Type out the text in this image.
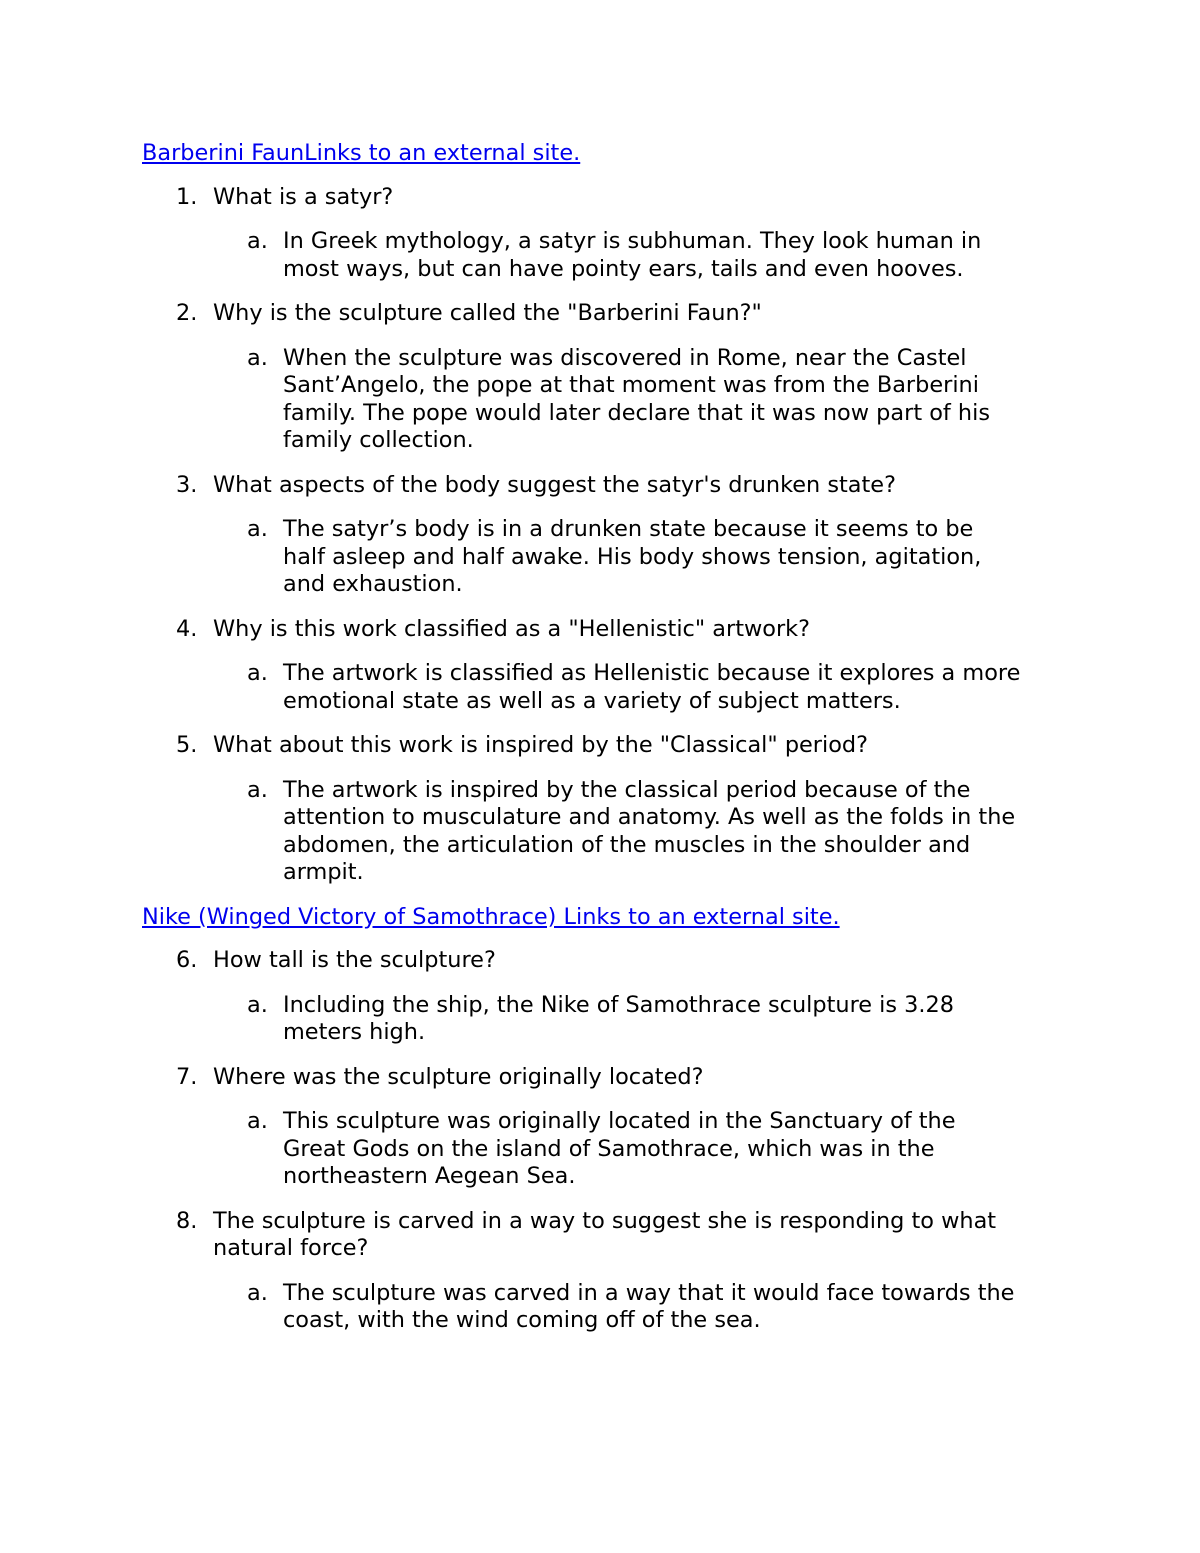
Barberini FaunLinks to an external site.
1. What is a satyr?
a. In Greek mythology, a satyr is subhuman. They look human in
most ways, but can have pointy ears, tails and even hooves.
2. Why is the sculpture called the "Barberini Faun?"
a. When the sculpture was discovered in Rome, near the Castel
Sant’Angelo, the pope at that moment was from the Barberini
family. The pope would later declare that it was now part of his
family collection.
3. What aspects of the body suggest the satyr's drunken state?
a. The satyr’s body is in a drunken state because it seems to be
half asleep and half awake. His body shows tension, agitation,
and exhaustion.
4. Why is this work classified as a "Hellenistic" artwork?
a. The artwork is classified as Hellenistic because it explores a more
emotional state as well as a variety of subject matters.
5. What about this work is inspired by the "Classical" period?
a. The artwork is inspired by the classical period because of the
attention to musculature and anatomy. As well as the folds in the
abdomen, the articulation of the muscles in the shoulder and
armpit.
Nike (Winged Victory of Samothrace) Links to an external site.
6. How tall is the sculpture?
a. Including the ship, the Nike of Samothrace sculpture is 3.28
meters high.
7. Where was the sculpture originally located?
a. This sculpture was originally located in the Sanctuary of the
Great Gods on the island of Samothrace, which was in the
northeastern Aegean Sea.
8. The sculpture is carved in a way to suggest she is responding to what
natural force?
a. The sculpture was carved in a way that it would face towards the
coast, with the wind coming off of the sea.
